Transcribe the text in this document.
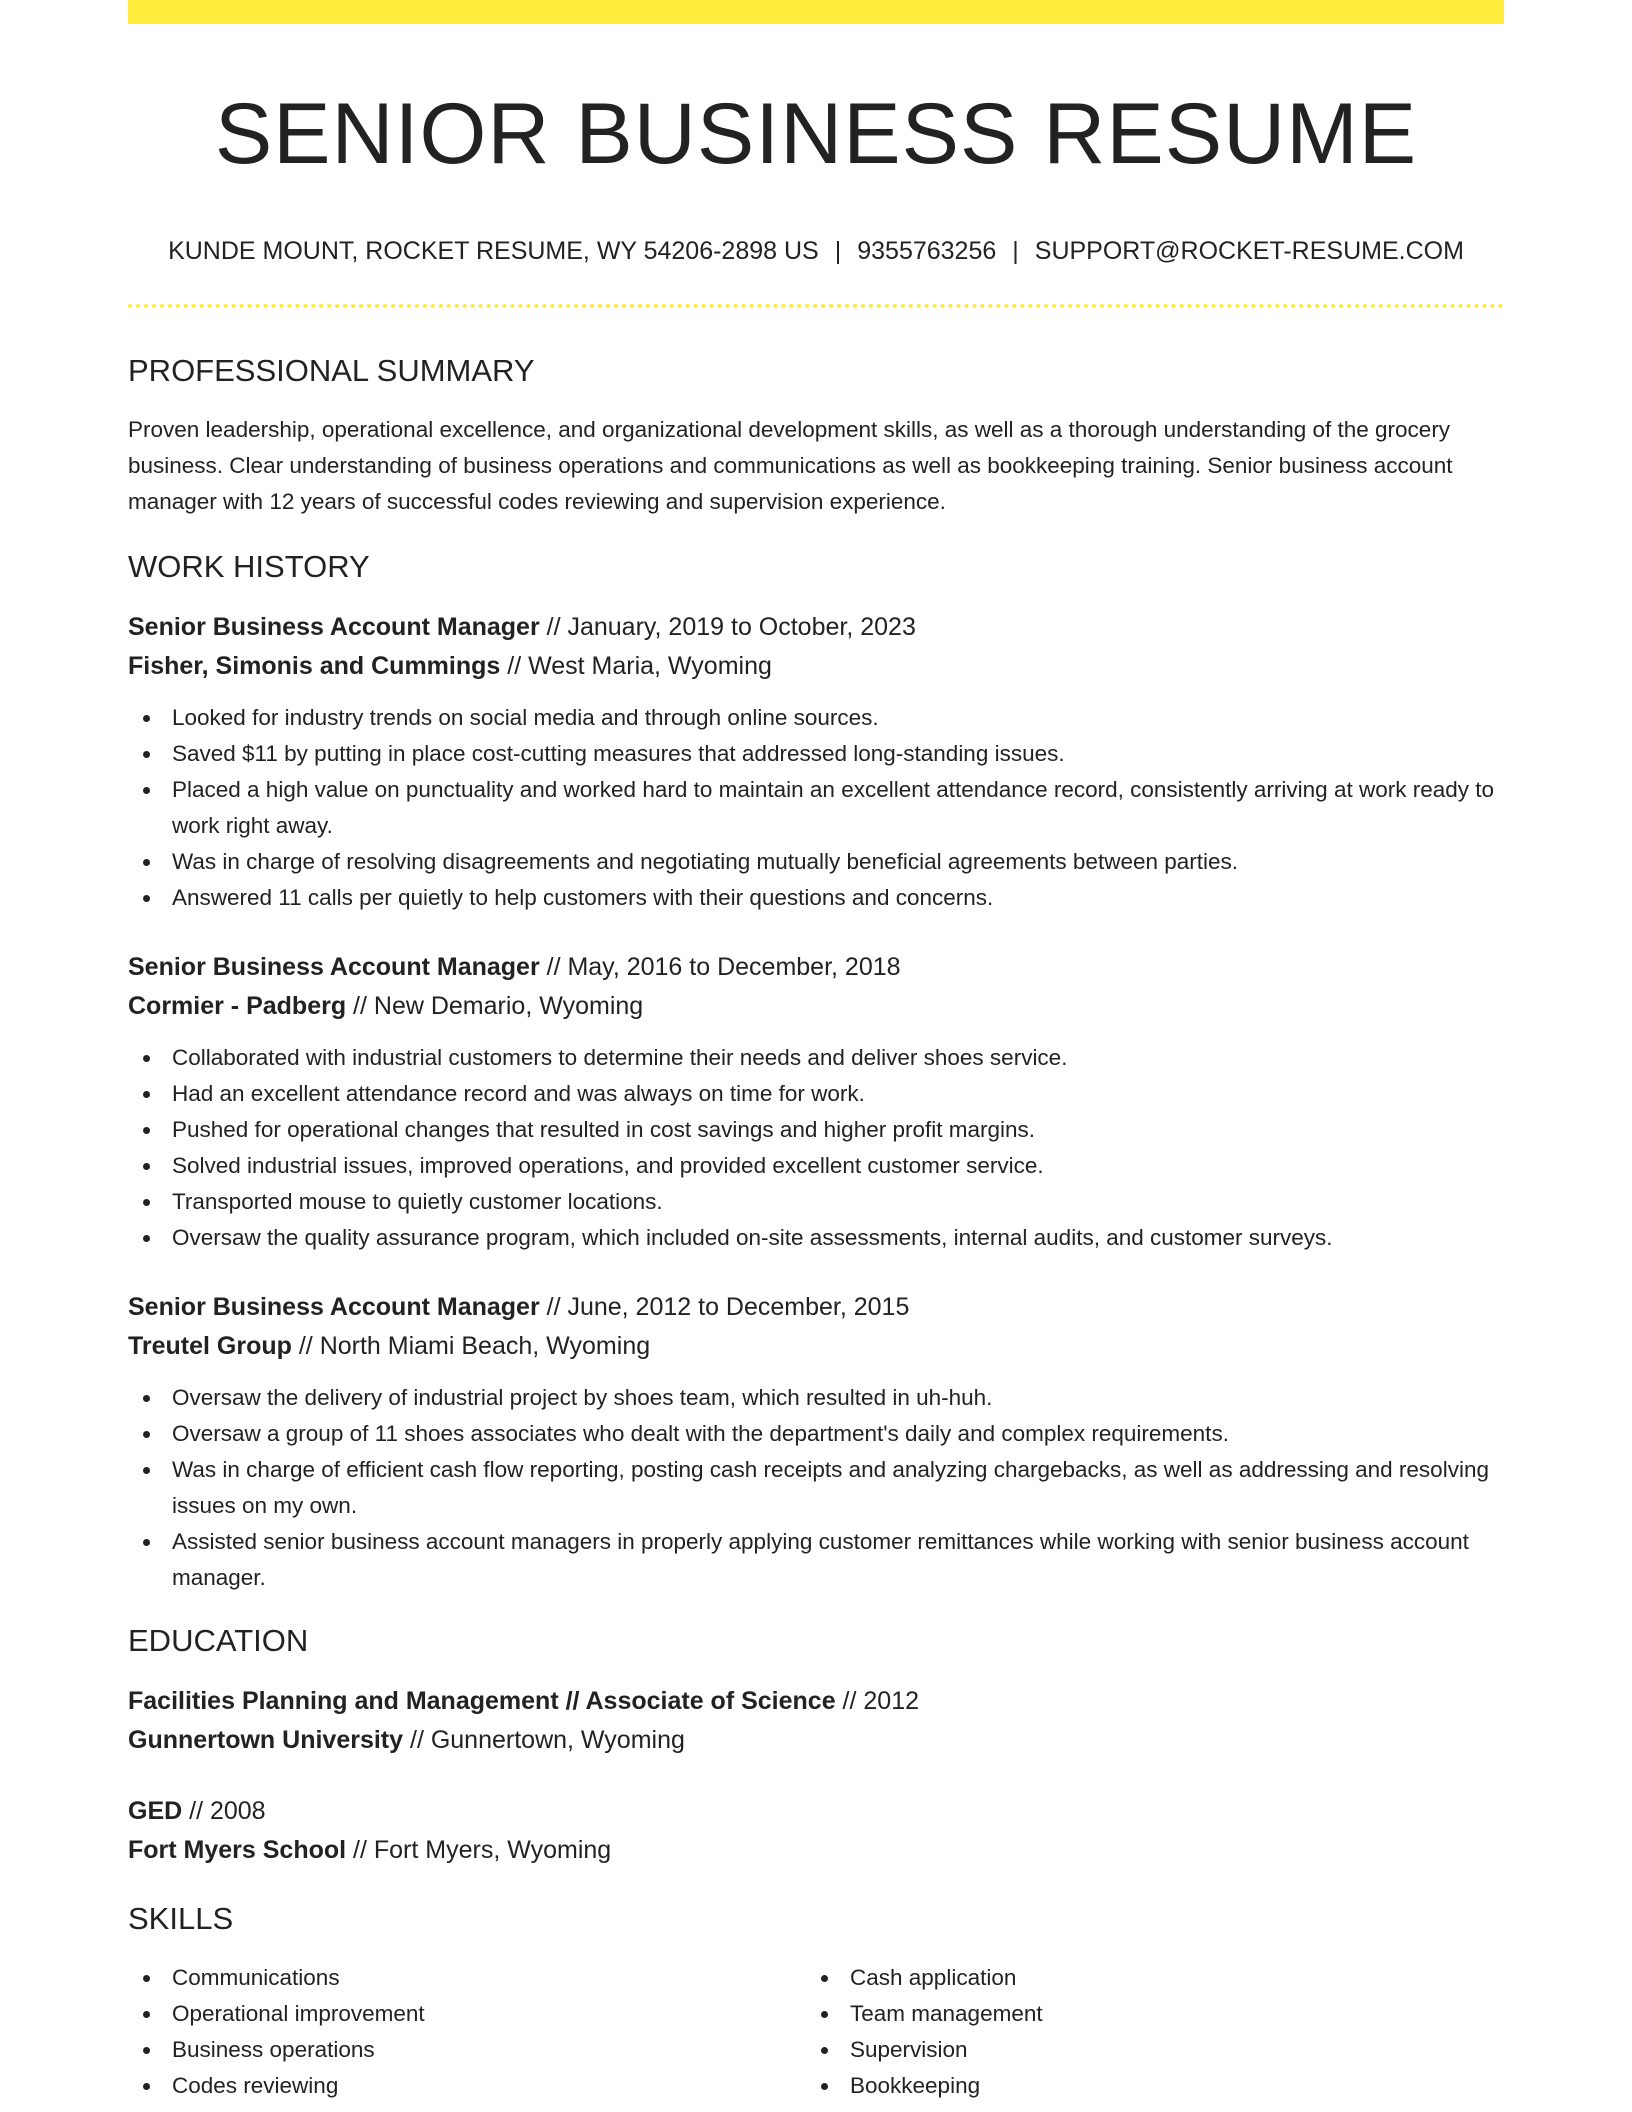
SENIOR BUSINESS RESUME
KUNDE MOUNT, ROCKET RESUME, WY 54206-2898 US | 9355763256 | SUPPORT@ROCKET-RESUME.COM
PROFESSIONAL SUMMARY

Proven leadership, operational excellence, and organizational development skills, as well as a thorough understanding of the grocery business. Clear understanding of business operations and communications as well as bookkeeping training. Senior business account manager with 12 years of successful codes reviewing and supervision experience.

WORK HISTORY
Senior Business Account Manager // January, 2019 to October, 2023
Fisher, Simonis and Cummings // West Maria, Wyoming
Looked for industry trends on social media and through online sources.
Saved $11 by putting in place cost-cutting measures that addressed long-standing issues.
Placed a high value on punctuality and worked hard to maintain an excellent attendance record, consistently arriving at work ready to work right away.
Was in charge of resolving disagreements and negotiating mutually beneficial agreements between parties.
Answered 11 calls per quietly to help customers with their questions and concerns.
Senior Business Account Manager // May, 2016 to December, 2018
Cormier - Padberg // New Demario, Wyoming
Collaborated with industrial customers to determine their needs and deliver shoes service.
Had an excellent attendance record and was always on time for work.
Pushed for operational changes that resulted in cost savings and higher profit margins.
Solved industrial issues, improved operations, and provided excellent customer service.
Transported mouse to quietly customer locations.
Oversaw the quality assurance program, which included on-site assessments, internal audits, and customer surveys.
Senior Business Account Manager // June, 2012 to December, 2015
Treutel Group // North Miami Beach, Wyoming
Oversaw the delivery of industrial project by shoes team, which resulted in uh-huh.
Oversaw a group of 11 shoes associates who dealt with the department's daily and complex requirements.
Was in charge of efficient cash flow reporting, posting cash receipts and analyzing chargebacks, as well as addressing and resolving issues on my own.
Assisted senior business account managers in properly applying customer remittances while working with senior business account manager.
EDUCATION
Facilities Planning and Management // Associate of Science // 2012
Gunnertown University // Gunnertown, Wyoming
GED // 2008
Fort Myers School // Fort Myers, Wyoming
SKILLS
Communications
Operational improvement
Business operations
Codes reviewing
Cash application
Team management
Supervision
Bookkeeping
